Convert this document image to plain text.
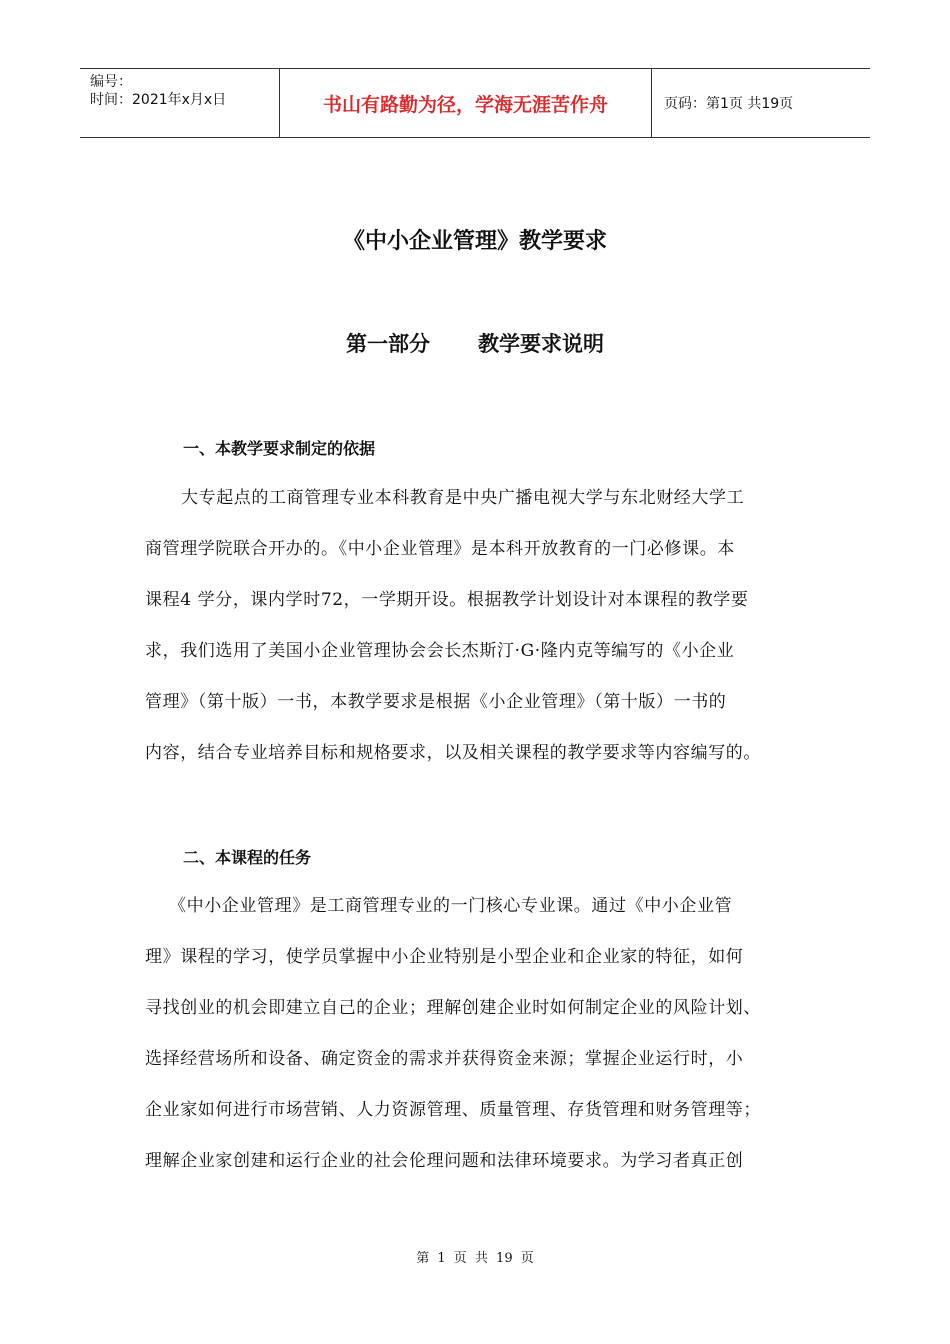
编号：
时间：2021年x月x日	书山有路勤为径，学海无涯苦作舟	页码：第1页 共19页
《中小企业管理》教学要求
第一部分 教学要求说明
一、本教学要求制定的依据
大专起点的工商管理专业本科教育是中央广播电视大学与东北财经大学工
商管理学院联合开办的。《中小企业管理》是本科开放教育的一门必修课。本
课程4 学分，课内学时72，一学期开设。根据教学计划设计对本课程的教学要
求，我们选用了美国小企业管理协会会长杰斯汀·G·隆内克等编写的《小企业
管理》（第十版）一书，本教学要求是根据《小企业管理》（第十版）一书的
内容，结合专业培养目标和规格要求，以及相关课程的教学要求等内容编写的。
二、本课程的任务
《中小企业管理》是工商管理专业的一门核心专业课。通过《中小企业管
理》课程的学习，使学员掌握中小企业特别是小型企业和企业家的特征，如何
寻找创业的机会即建立自己的企业；理解创建企业时如何制定企业的风险计划、
选择经营场所和设备、确定资金的需求并获得资金来源；掌握企业运行时，小
企业家如何进行市场营销、人力资源管理、质量管理、存货管理和财务管理等；
理解企业家创建和运行企业的社会伦理问题和法律环境要求。为学习者真正创
第 1 页 共 19 页
